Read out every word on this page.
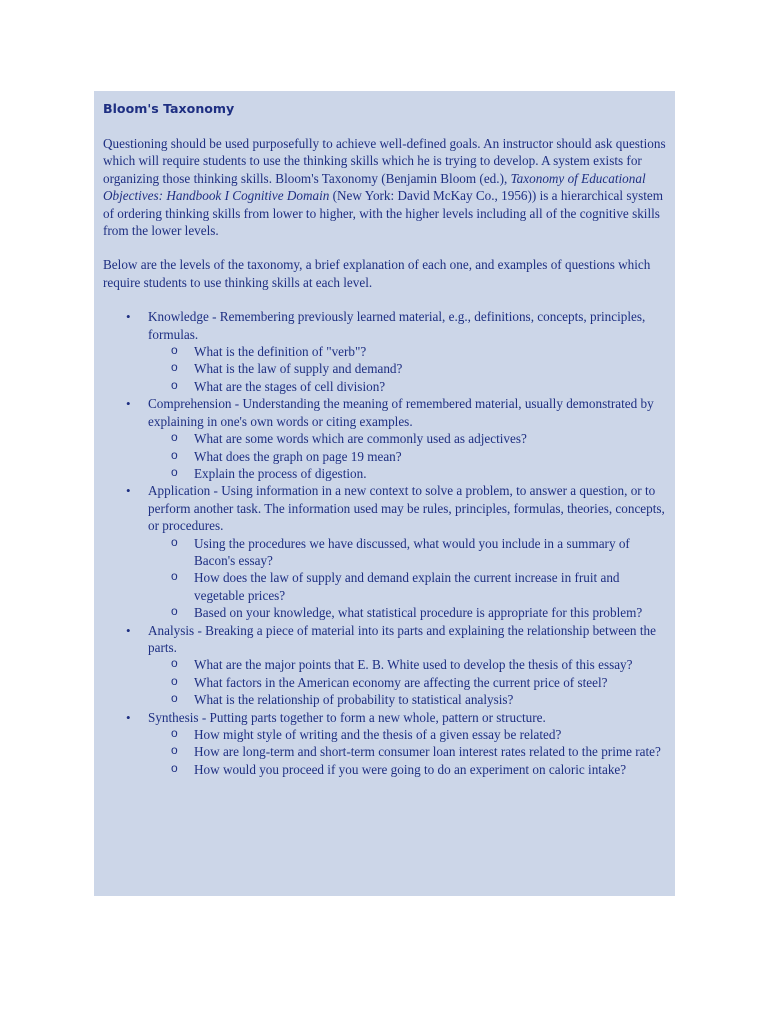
Bloom's Taxonomy

Questioning should be used purposefully to achieve well-defined goals. An instructor should ask questions which will require students to use the thinking skills which he is trying to develop. A system exists for organizing those thinking skills. Bloom's Taxonomy (Benjamin Bloom (ed.), Taxonomy of Educational Objectives: Handbook I Cognitive Domain (New York: David McKay Co., 1956)) is a hierarchical system of ordering thinking skills from lower to higher, with the higher levels including all of the cognitive skills from the lower levels.

Below are the levels of the taxonomy, a brief explanation of each one, and examples of questions which require students to use thinking skills at each level.

• Knowledge - Remembering previously learned material, e.g., definitions, concepts, principles, formulas.
o What is the definition of "verb"?
o What is the law of supply and demand?
o What are the stages of cell division?
• Comprehension - Understanding the meaning of remembered material, usually demonstrated by explaining in one's own words or citing examples.
o What are some words which are commonly used as adjectives?
o What does the graph on page 19 mean?
o Explain the process of digestion.
• Application - Using information in a new context to solve a problem, to answer a question, or to perform another task. The information used may be rules, principles, formulas, theories, concepts, or procedures.
o Using the procedures we have discussed, what would you include in a summary of Bacon's essay?
o How does the law of supply and demand explain the current increase in fruit and vegetable prices?
o Based on your knowledge, what statistical procedure is appropriate for this problem?
• Analysis - Breaking a piece of material into its parts and explaining the relationship between the parts.
o What are the major points that E. B. White used to develop the thesis of this essay?
o What factors in the American economy are affecting the current price of steel?
o What is the relationship of probability to statistical analysis?
• Synthesis - Putting parts together to form a new whole, pattern or structure.
o How might style of writing and the thesis of a given essay be related?
o How are long-term and short-term consumer loan interest rates related to the prime rate?
o How would you proceed if you were going to do an experiment on caloric intake?
